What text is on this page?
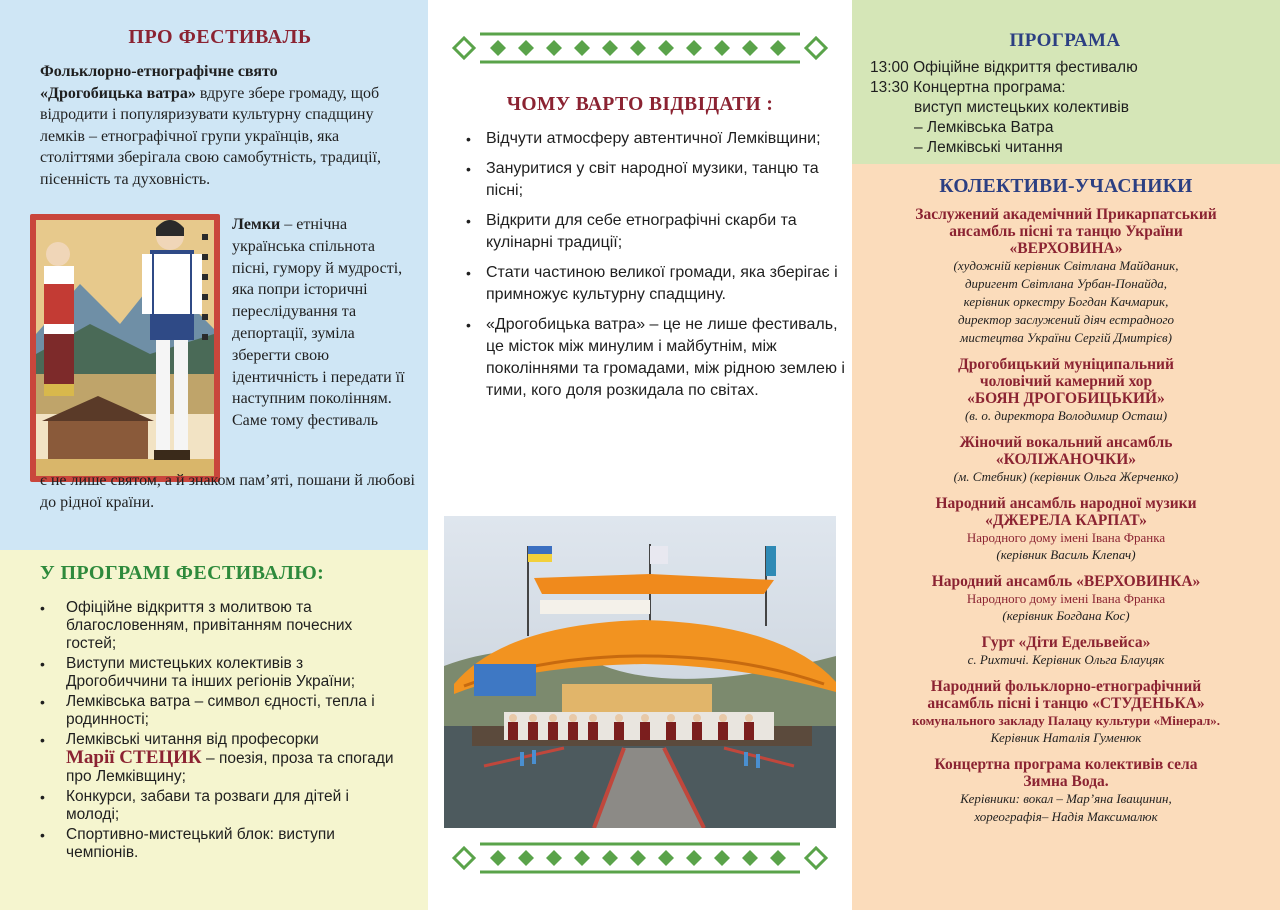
ПРО ФЕСТИВАЛЬ

Фольклорно-етнографічне свято
«Дрогобицька ватра» вдруге збере громаду, щоб відродити і популяризувати культурну спадщину лемків – етнографічної групи українців, яка століттями зберігала свою самобутність, традиції, пісенність та духовність.

Лемки – етнічна українська спільнота пісні, гумору й мудрості, яка попри історичні переслідування та депортації, зуміла зберегти свою ідентичність і передати її наступним поколінням.
Саме тому фестиваль

є не лише святом, а й знаком пам’яті, пошани й любові до рідної країни.

У ПРОГРАМІ ФЕСТИВАЛЮ:
• Офіційне відкриття з молитвою та благословенням, привітанням почесних гостей;
• Виступи мистецьких колективів з Дрогобиччини та інших регіонів України;
• Лемківська ватра – символ єдності, тепла і родинності;
• Лемківські читання від професорки
Марії СТЕЦИК – поезія, проза та спогади про Лемківщину;
• Конкурси, забави та розваги для дітей і молоді;
• Спортивно-мистецький блок: виступи чемпіонів.
ЧОМУ ВАРТО ВІДВІДАТИ :
• Відчути атмосферу автентичної Лемківщини;
• Зануритися у світ народної музики, танцю та пісні;
• Відкрити для себе етнографічні скарби та кулінарні традиції;
• Стати частиною великої громади, яка зберігає і примножує культурну спадщину.
• «Дрогобицька ватра» – це не лише фестиваль, це місток між минулим і майбутнім, між поколіннями та громадами, між рідною землею і тими, кого доля розкидала по світах.
ПРОГРАМА
13:00 Офіційне відкриття фестивалю
13:30 Концертна програма:
виступ мистецьких колективів
– Лемківська Ватра
– Лемківські читання
КОЛЕКТИВИ-УЧАСНИКИ
Заслужений академічний Прикарпатський
ансамбль пісні та танцю України
«ВЕРХОВИНА»
(художній керівник Світлана Майданик,
диригент Світлана Урбан-Понайда,
керівник оркестру Богдан Качмарик,
директор заслужений діяч естрадного
мистецтва України Сергій Дмитрієв)
Дрогобицький муніципальний
чоловічий камерний хор
«БОЯН ДРОГОБИЦЬКИЙ»
(в. о. директора Володимир Осташ)
Жіночий вокальний ансамбль
«КОЛІЖАНОЧКИ»
(м. Стебник) (керівник Ольга Жерченко)
Народний ансамбль народної музики
«ДЖЕРЕЛА КАРПАТ»
Народного дому імені Івана Франка
(керівник Василь Клепач)
Народний ансамбль «ВЕРХОВИНКА»
Народного дому імені Івана Франка
(керівник Богдана Кос)
Гурт «Діти Едельвейса»
с. Рихтичі. Керівник Ольга Блауцяк
Народний фольклорно-етнографічний
ансамбль пісні і танцю «СТУДЕНЬКА»
комунального закладу Палацу культури «Мінерал».
Керівник Наталія Гуменюк
Концертна програма колективів села
Зимна Вода.
Керівники: вокал – Мар’яна Іващинин,
хореографія– Надія Максималюк
